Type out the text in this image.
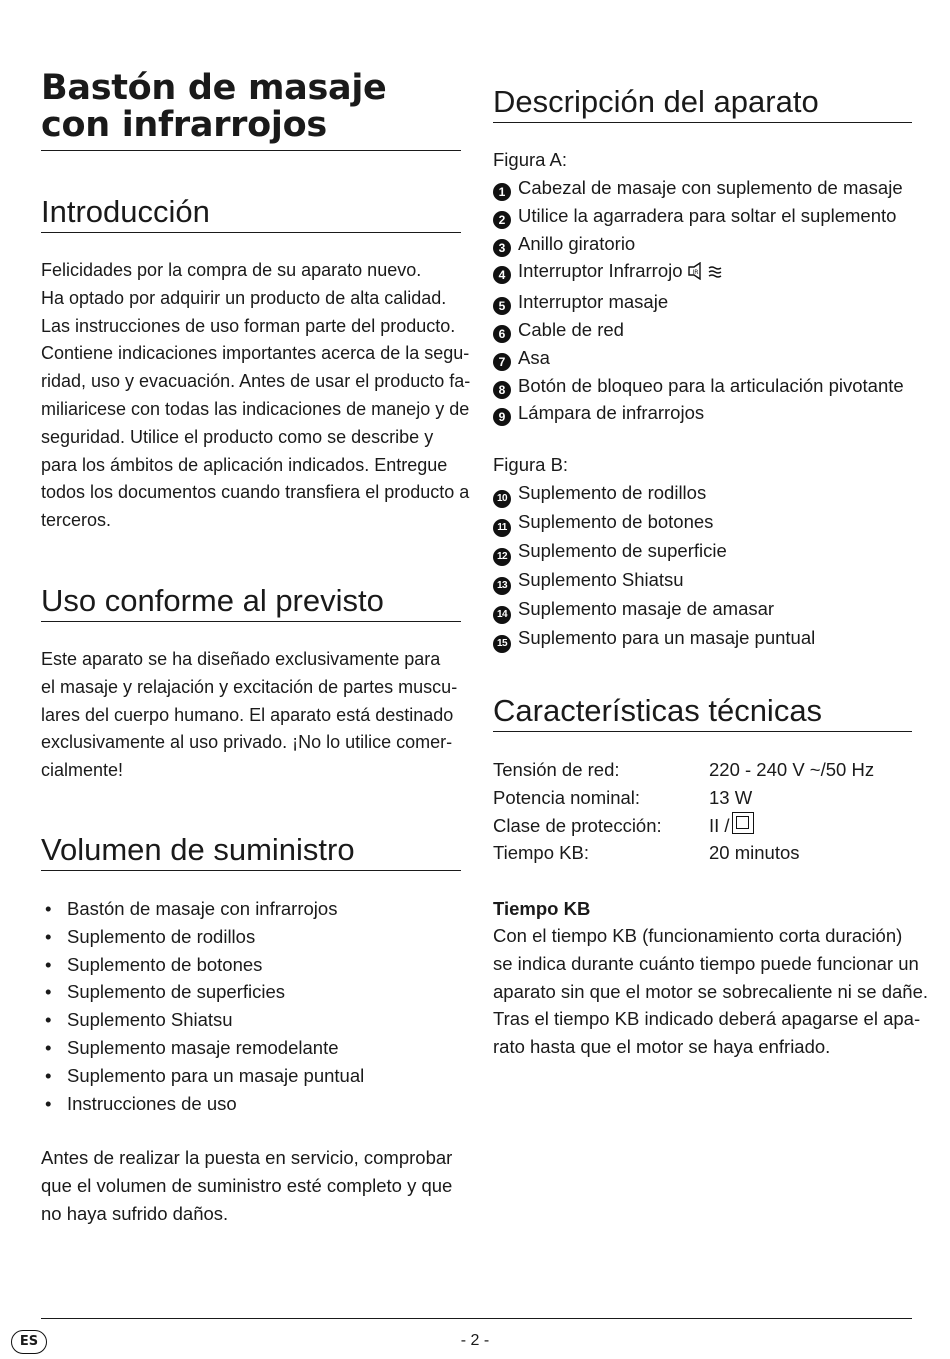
Bastón de masaje
con infrarrojos
Introducción
Felicidades por la compra de su aparato nuevo.
Ha optado por adquirir un producto de alta calidad.
Las instrucciones de uso forman parte del producto.
Contiene indicaciones importantes acerca de la segu-
ridad, uso y evacuación. Antes de usar el producto fa-
miliaricese con todas las indicaciones de manejo y de
seguridad. Utilice el producto como se describe y
para los ámbitos de aplicación indicados. Entregue
todos los documentos cuando transfiera el producto a
terceros.
Uso conforme al previsto
Este aparato se ha diseñado exclusivamente para
el masaje y relajación y excitación de partes muscu-
lares del cuerpo humano. El aparato está destinado
exclusivamente al uso privado. ¡No lo utilice comer-
cialmente!
Volumen de suministro
• Bastón de masaje con infrarrojos
• Suplemento de rodillos
• Suplemento de botones
• Suplemento de superficies
• Suplemento Shiatsu
• Suplemento masaje remodelante
• Suplemento para un masaje puntual
• Instrucciones de uso
Antes de realizar la puesta en servicio, comprobar
que el volumen de suministro esté completo y que
no haya sufrido daños.
Descripción del aparato
Figura A:
1 Cabezal de masaje con suplemento de masaje
2 Utilice la agarradera para soltar el suplemento
3 Anillo giratorio
4 Interruptor Infrarrojo IR
5 Interruptor masaje
6 Cable de red
7 Asa
8 Botón de bloqueo para la articulación pivotante
9 Lámpara de infrarrojos
Figura B:
10 Suplemento de rodillos
11 Suplemento de botones
12 Suplemento de superficie
13 Suplemento Shiatsu
14 Suplemento masaje de amasar
15 Suplemento para un masaje puntual
Características técnicas
Tensión de red:	220 - 240 V ~/50 Hz
Potencia nominal:	13 W
Clase de protección:	II /
Tiempo KB:	20 minutos
Tiempo KB
Con el tiempo KB (funcionamiento corta duración)
se indica durante cuánto tiempo puede funcionar un
aparato sin que el motor se sobrecaliente ni se dañe.
Tras el tiempo KB indicado deberá apagarse el apa-
rato hasta que el motor se haya enfriado.
ES	- 2 -
